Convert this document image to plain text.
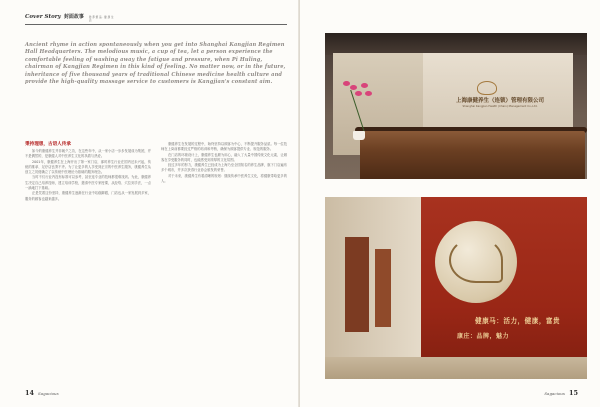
Cover Story 封面故事 珍 养 源 品 · 健 康 生 活
Ancient rhyme in action spontaneously when you get into Shanghai Kangjian Regimen Hall Headquarters. The melodious music, a cup of tea, let a person experience the comfortable feeling of washing away the fatigue and pressure, when Pi Huling, chairman of Kangjian Regimen in this kind of feeling. No matter now, or in the future, inheritance of five thousand years of traditional Chinese medicine health culture and provide the high-quality massage service to customers is Kangjian's constant aim.
秉持理想，古语人传承

如今的康健养生并非朝夕之功，在这些年中，从一家小店一步步发展成为集团，并不是偶然的，是康健人对中医养生文化的执着与热爱。

2001年，康健养生在上海开出了第一家门店，那时养生行业在国内还未兴起，传统的推拿、足疗店良莠不齐。为了让更多的人享受到正宗的中医养生服务，康健养生从创立之初便确立了以传统中医理论为基础的服务理念。

当时不仅行业内没有标准可以参考，甚至连专业的技师都很难找到。为此，康健养生决定自己培养技师，建立培训学校，邀请中医专家授课，从经络、穴位到手法，一点一滴地打下基础。

正是凭着这份坚持，康健养生逐渐在行业中站稳脚跟，门店也从一家发展到多家，服务的顾客也越来越多。

康健养生在发展的过程中，始终坚持以顾客为中心，不断提升服务品质。每一位技师在上岗前都要经过严格的培训和考核，确保为顾客提供专业、规范的服务。

在门店的环境设计上，康健养生也颇为用心，融入了大量中国传统文化元素，让顾客在享受服务的同时，也能感受到浓厚的文化氛围。

经过多年的努力，康健养生已经成为上海乃至全国知名的养生品牌，旗下门店遍布多个城市，并多次获得行业协会颁发的荣誉。

对于未来，康健养生有着清晰的规划：继续传承中医养生文化，将健康带给更多的人。

14 Sagacious
上海康健养生（连锁）管理有限公司
Shanghai Kangjian Health (Chain) Management Co.,Ltd.
健康马：活力，健康，富贵
康庄：品牌，魅力
Sagacious 15
